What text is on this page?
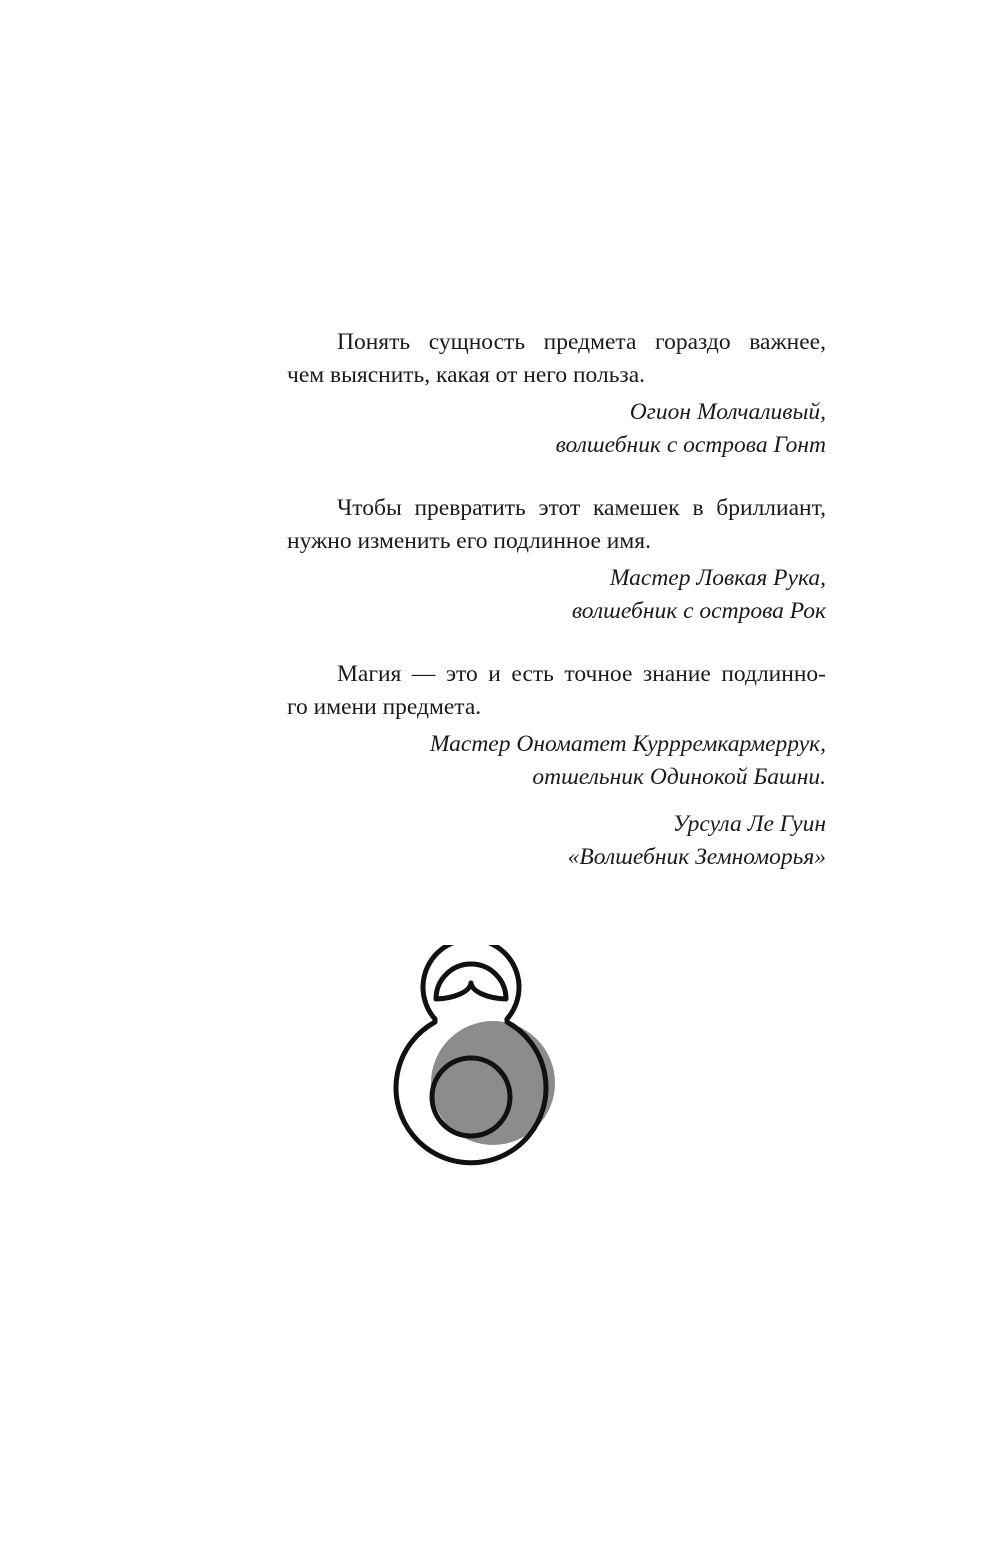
Понять сущность предмета гораздо важнее,

чем выяснить, какая от него польза.

Огион Молчаливый,

волшебник с острова Гонт

Чтобы превратить этот камешек в бриллиант,

нужно изменить его подлинное имя.

Мастер Ловкая Рука,

волшебник с острова Рок

Магия — это и есть точное знание подлинно-

го имени предмета.

Мастер Ономатет Куррремкармеррук,

отшельник Одинокой Башни.

Урсула Ле Гуин

«Волшебник Земноморья»
